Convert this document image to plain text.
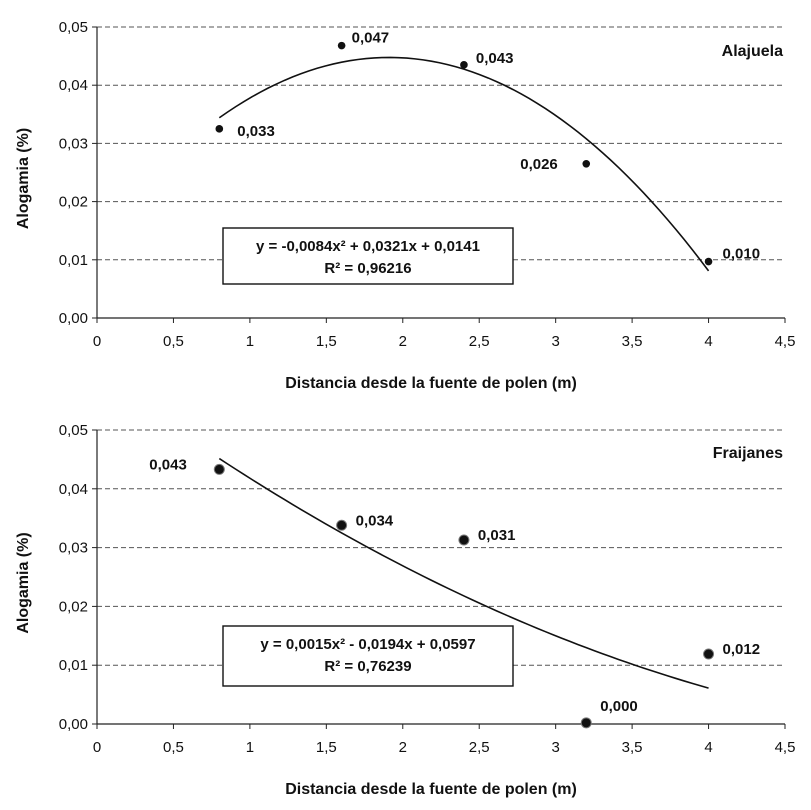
0,00
0,01
0,02
0,03
0,04
0,05
0	0,5	1	1,5	2	2,5	3	3,5	4	4,5
Distancia desde la fuente de polen (m)
Alogamia (%)
Alajuela
0,033
0,047
0,043
0,026
0,010
y = -0,0084x² + 0,0321x + 0,0141
R² = 0,96216
0,00
0,01
0,02
0,03
0,04
0,05
0	0,5	1	1,5	2	2,5	3	3,5	4	4,5
Distancia desde la fuente de polen (m)
Alogamia (%)
Fraijanes
0,043
0,034
0,031
0,000
0,012
y = 0,0015x² - 0,0194x + 0,0597
R² = 0,76239
